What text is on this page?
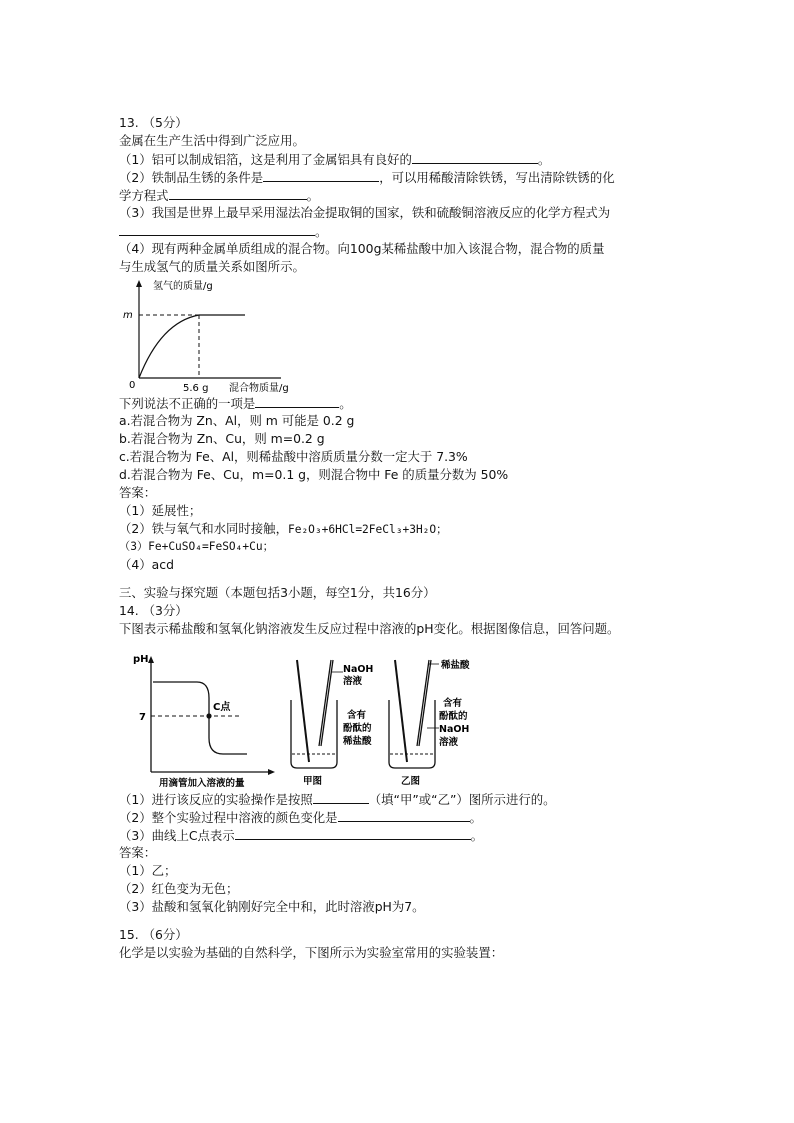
13. （5分）
金属在生产生活中得到广泛应用。
（1）铝可以制成铝箔，这是利用了金属铝具有良好的	。
（2）铁制品生锈的条件是	，可以用稀酸清除铁锈，写出清除铁锈的化
学方程式	。
（3）我国是世界上最早采用湿法冶金提取铜的国家，铁和硫酸铜溶液反应的化学方程式为
。
（4）现有两种金属单质组成的混合物。向100g某稀盐酸中加入该混合物，混合物的质量
与生成氢气的质量关系如图所示。
氢气的质量/g
m
0	5.6 g 混合物质量/g
下列说法不正确的一项是	。
a.若混合物为 Zn、Al，则 m 可能是 0.2 g
b.若混合物为 Zn、Cu，则 m=0.2 g
c.若混合物为 Fe、Al，则稀盐酸中溶质质量分数一定大于 7.3%
d.若混合物为 Fe、Cu，m=0.1 g，则混合物中 Fe 的质量分数为 50%
答案：
（1）延展性；
（2）铁与氧气和水同时接触，Fe₂O₃+6HCl=2FeCl₃+3H₂O；
（3）Fe+CuSO₄=FeSO₄+Cu；
（4）acd
三、实验与探究题（本题包括3小题，每空1分，共16分）
14. （3分）
下图表示稀盐酸和氢氧化钠溶液发生反应过程中溶液的pH变化。根据图像信息，回答问题。
pH
7
C点
用滴管加入溶液的量
NaOH
溶液
含有
酚酞的
稀盐酸
甲图
稀盐酸
含有
酚酞的
NaOH
溶液
乙图
（1）进行该反应的实验操作是按照	（填“甲”或“乙”）图所示进行的。
（2）整个实验过程中溶液的颜色变化是	。
（3）曲线上C点表示	。
答案：
（1）乙；
（2）红色变为无色；
（3）盐酸和氢氧化钠刚好完全中和，此时溶液pH为7。
15. （6分）
化学是以实验为基础的自然科学，下图所示为实验室常用的实验装置：
